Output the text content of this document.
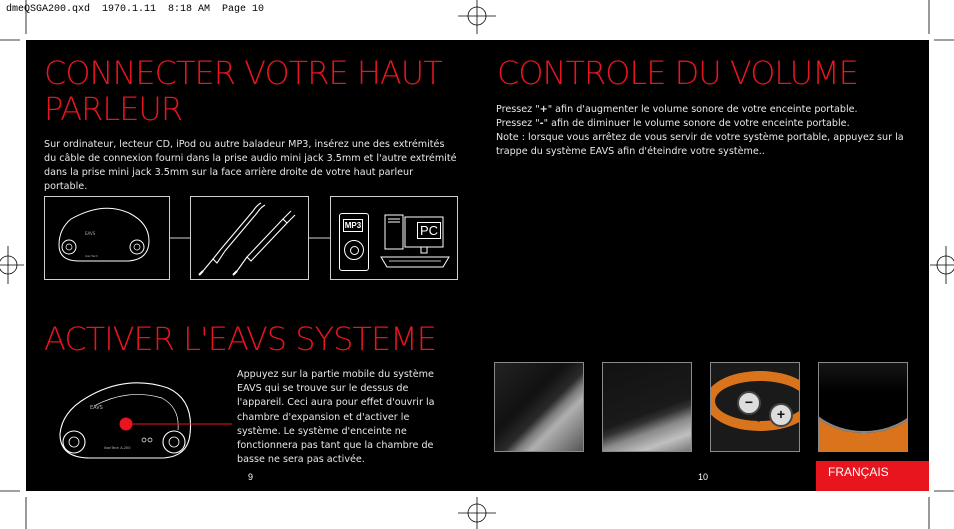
dmeQSGA200.qxd  1970.1.11  8:18 AM  Page 10
CONNECTER VOTRE HAUT
PARLEUR

Sur ordinateur, lecteur CD, iPod ou autre baladeur MP3, insérez une des extrémités du câble de connexion fourni dans la prise audio mini jack 3.5mm et l'autre extrémité dans la prise mini jack 3.5mm sur la face arrière droite de votre haut parleur portable.

EAVS
ikanTech
MP3	PC
ACTIVER L'EAVS SYSTEME
EAVS
ikanTech A-200

Appuyez sur la partie mobile du système EAVS qui se trouve sur le dessus de l'appareil. Ceci aura pour effet d'ouvrir la chambre d'expansion et d'activer le système. Le système d'enceinte ne fonctionnera pas tant que la chambre de basse ne sera pas activée.

9
CONTROLE DU VOLUME

Pressez "+" afin d'augmenter le volume sonore de votre enceinte portable.

Pressez "-" afin de diminuer le volume sonore de votre enceinte portable.

Note : lorsque vous arrêtez de vous servir de votre système portable, appuyez sur la trappe du système EAVS afin d'éteindre votre système..

−
+
VOL
10	FRANÇAIS
